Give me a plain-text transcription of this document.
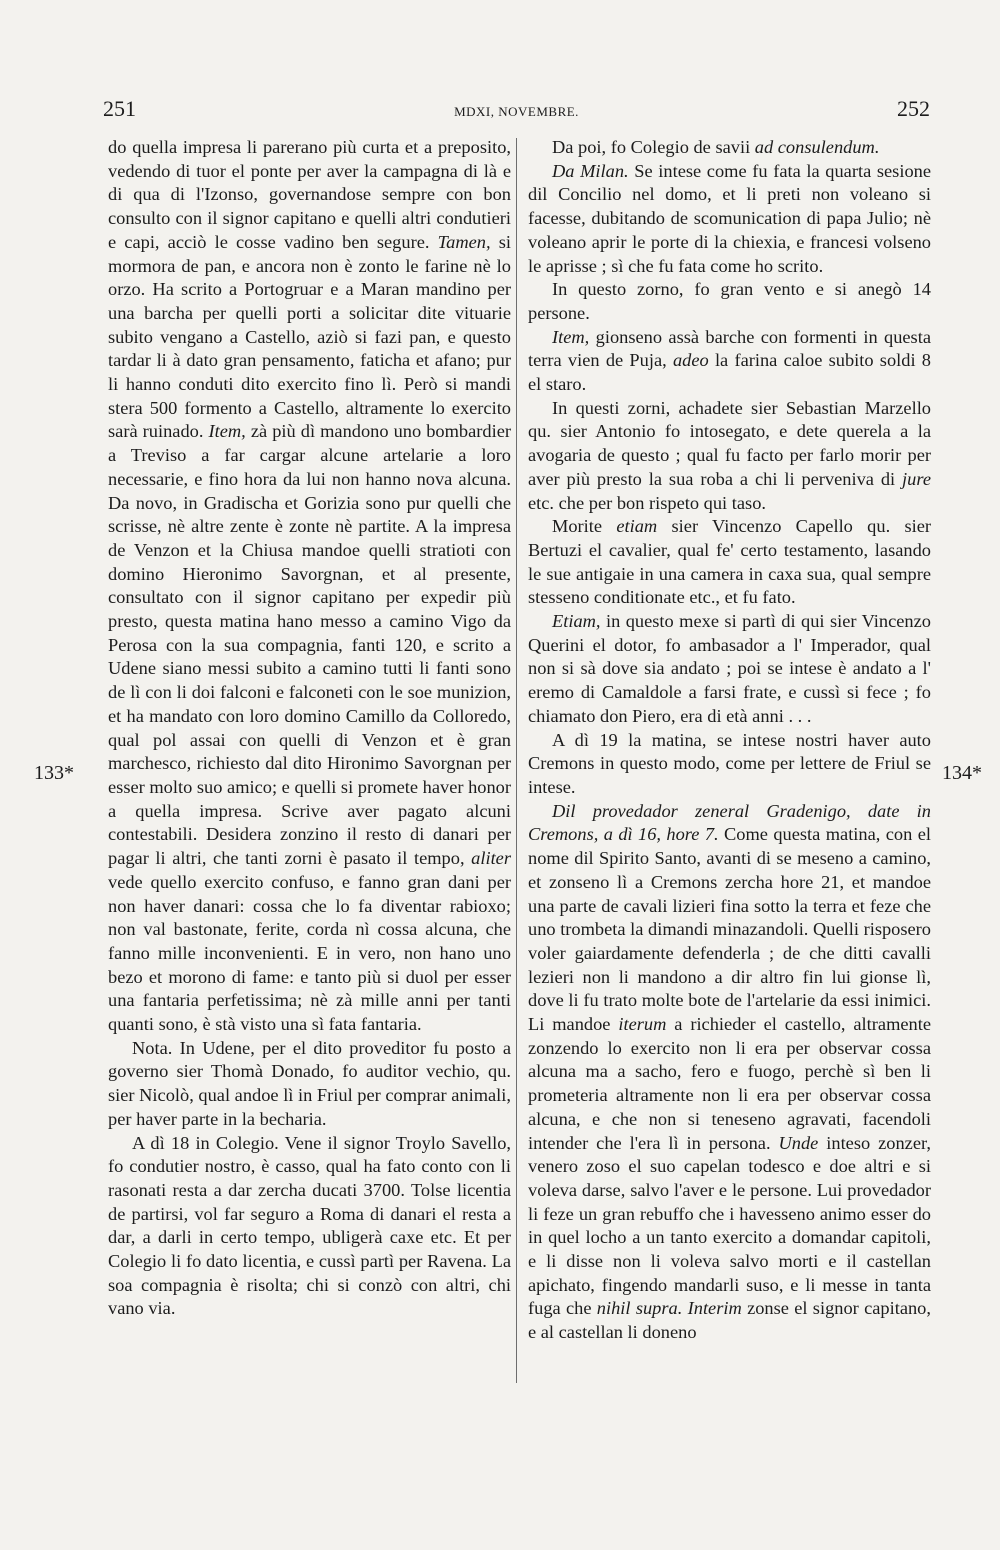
251	MDXI, NOVEMBRE.	252
133*	134*

do quella impresa li parerano più curta et a preposito, vedendo di tuor el ponte per aver la campagna di là e di qua di l'Izonso, governandose sempre con bon consulto con il signor capitano e quelli altri condutieri e capi, acciò le cosse vadino ben segure. Tamen, si mormora de pan, e ancora non è zonto le farine nè lo orzo. Ha scrito a Portogruar e a Maran mandino per una barcha per quelli porti a solicitar dite vituarie subito vengano a Castello, aziò si fazi pan, e questo tardar li à dato gran pensamento, faticha et afano; pur li hanno conduti dito exercito fino lì. Però si mandi stera 500 formento a Castello, altramente lo exercito sarà ruinado. Item, zà più dì mandono uno bombardier a Treviso a far cargar alcune artelarie a loro necessarie, e fino hora da lui non hanno nova alcuna. Da novo, in Gradischa et Gorizia sono pur quelli che scrisse, nè altre zente è zonte nè partite. A la impresa de Venzon et la Chiusa mandoe quelli stratioti con domino Hieronimo Savorgnan, et al presente, consultato con il signor capitano per expedir più presto, questa matina hano messo a camino Vigo da Perosa con la sua compagnia, fanti 120, e scrito a Udene siano messi subito a camino tutti li fanti sono de lì con li doi falconi e falconeti con le soe munizion, et ha mandato con loro domino Camillo da Colloredo, qual pol assai con quelli di Venzon et è gran marchesco, richiesto dal dito Hironimo Savorgnan per esser molto suo amico; e quelli si promete haver honor a quella impresa. Scrive aver pagato alcuni contestabili. Desidera zonzino il resto di danari per pagar li altri, che tanti zorni è pasato il tempo, aliter vede quello exercito confuso, e fanno gran dani per non haver danari: cossa che lo fa diventar rabioxo; non val bastonate, ferite, corda nì cossa alcuna, che fanno mille inconvenienti. E in vero, non hano uno bezo et morono di fame: e tanto più si duol per esser una fantaria perfetissima; nè zà mille anni per tanti quanti sono, è stà visto una sì fata fantaria.

Nota. In Udene, per el dito proveditor fu posto a governo sier Thomà Donado, fo auditor vechio, qu. sier Nicolò, qual andoe lì in Friul per comprar animali, per haver parte in la becharia.

A dì 18 in Colegio. Vene il signor Troylo Savello, fo condutier nostro, è casso, qual ha fato conto con li rasonati resta a dar zercha ducati 3700. Tolse licentia de partirsi, vol far seguro a Roma di danari el resta a dar, a darli in certo tempo, ubligerà caxe etc. Et per Colegio li fo dato licentia, e cussì partì per Ravena. La soa compagnia è risolta; chi si conzò con altri, chi vano via.

Da poi, fo Colegio de savii ad consulendum.

Da Milan. Se intese come fu fata la quarta sesione dil Concilio nel domo, et li preti non voleano si facesse, dubitando de scomunication di papa Julio; nè voleano aprir le porte di la chiexia, e francesi volseno le aprisse ; sì che fu fata come ho scrito.

In questo zorno, fo gran vento e si anegò 14 persone.

Item, gionseno assà barche con formenti in questa terra vien de Puja, adeo la farina caloe subito soldi 8 el staro.

In questi zorni, achadete sier Sebastian Marzello qu. sier Antonio fo intosegato, e dete querela a la avogaria de questo ; qual fu facto per farlo morir per aver più presto la sua roba a chi li perveniva di jure etc. che per bon rispeto qui taso.

Morite etiam sier Vincenzo Capello qu. sier Bertuzi el cavalier, qual fe' certo testamento, lasando le sue antigaie in una camera in caxa sua, qual sempre stesseno conditionate etc., et fu fato.

Etiam, in questo mexe si partì di qui sier Vincenzo Querini el dotor, fo ambasador a l' Imperador, qual non si sà dove sia andato ; poi se intese è andato a l' eremo di Camaldole a farsi frate, e cussì si fece ; fo chiamato don Piero, era di età anni . . .

A dì 19 la matina, se intese nostri haver auto Cremons in questo modo, come per lettere de Friul se intese.

Dil provedador zeneral Gradenigo, date in Cremons, a dì 16, hore 7. Come questa matina, con el nome dil Spirito Santo, avanti di se meseno a camino, et zonseno lì a Cremons zercha hore 21, et mandoe una parte de cavali lizieri fina sotto la terra et feze che uno trombeta la dimandi minazandoli. Quelli risposero voler gaiardamente defenderla ; de che ditti cavalli lezieri non li mandono a dir altro fin lui gionse lì, dove li fu trato molte bote de l'artelarie da essi inimici. Li mandoe iterum a richieder el castello, altramente zonzendo lo exercito non li era per observar cossa alcuna ma a sacho, fero e fuogo, perchè sì ben li prometeria altramente non li era per observar cossa alcuna, e che non si teneseno agravati, facendoli intender che l'era lì in persona. Unde inteso zonzer, venero zoso el suo capelan todesco e doe altri e si voleva darse, salvo l'aver e le persone. Lui provedador li feze un gran rebuffo che i havesseno animo esser do in quel locho a un tanto exercito a domandar capitoli, e li disse non li voleva salvo morti e il castellan apichato, fingendo mandarli suso, e li messe in tanta fuga che nihil supra. Interim zonse el signor capitano, e al castellan li doneno
